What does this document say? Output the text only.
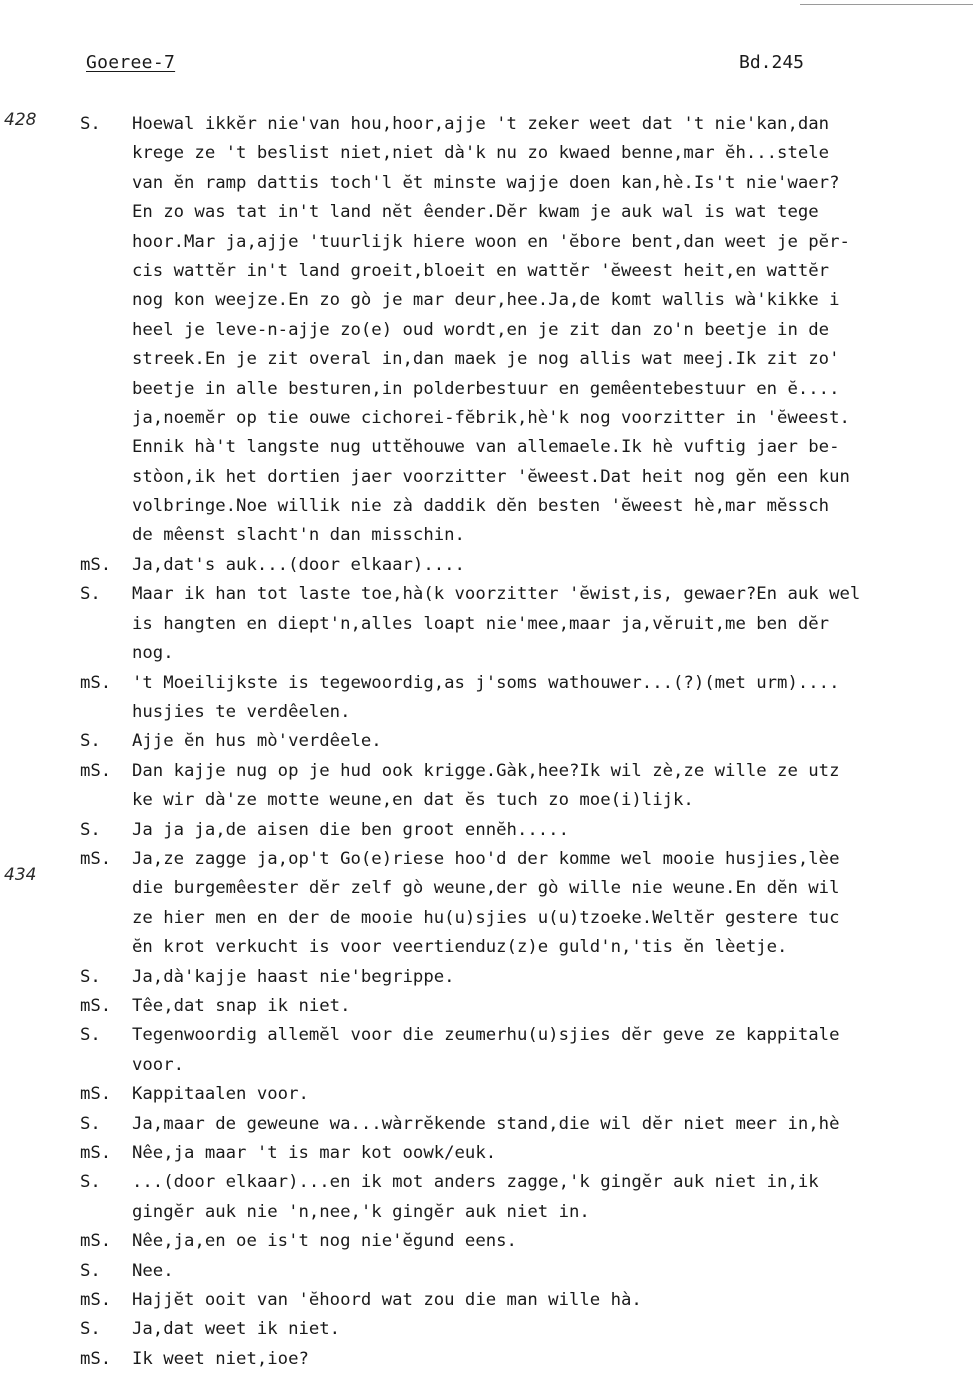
Goeree-7	Bd.245
428
434
S.	Hoewal ikkĕr nie'van hou,hoor,ajje 't zeker weet dat 't nie'kan,dan
krege ze 't beslist niet,niet dà'k nu zo kwaed benne,mar ĕh...stele
van ĕn ramp dattis toch'l ĕt minste wajje doen kan,hè.Is't nie'waer?
En zo was tat in't land nĕt êender.Dĕr kwam je auk wal is wat tege
hoor.Mar ja,ajje 'tuurlijk hiere woon en 'ĕbore bent,dan weet je pĕr-
cis wattĕr in't land groeit,bloeit en wattĕr 'ĕweest heit,en wattĕr
nog kon weejze.En zo gò je mar deur,hee.Ja,de komt wallis wà'kikke i
heel je leve-n-ajje zo(e) oud wordt,en je zit dan zo'n beetje in de
streek.En je zit overal in,dan maek je nog allis wat meej.Ik zit zo'
beetje in alle besturen,in polderbestuur en gemêentebestuur en ĕ....
ja,noemĕr op tie ouwe cichorei-fĕbrik,hè'k nog voorzitter in 'ĕweest.
Ennik hà't langste nug uttĕhouwe van allemaele.Ik hè vuftig jaer be-
stòon,ik het dortien jaer voorzitter 'ĕweest.Dat heit nog gĕn een kun
volbringe.Noe willik nie zà daddik dĕn besten 'ĕweest hè,mar mĕssch
de mêenst slacht'n dan misschin.
mS.	Ja,dat's auk...(door elkaar)....
S.	Maar ik han tot laste toe,hà(k voorzitter 'ĕwist,is, gewaer?En auk wel
is hangten en diept'n,alles loapt nie'mee,maar ja,vĕruit,me ben dĕr
nog.
mS.	't Moeilijkste is tegewoordig,as j'soms wathouwer...(?)(met urm)....
husjies te verdêelen.
S.	Ajje ĕn hus mò'verdêele.
mS.	Dan kajje nug op je hud ook krigge.Gàk,hee?Ik wil zè,ze wille ze utz
ke wir dà'ze motte weune,en dat ĕs tuch zo moe(i)lijk.
S.	Ja ja ja,de aisen die ben groot ennĕh.....
mS.	Ja,ze zagge ja,op't Go(e)riese hoo'd der komme wel mooie husjies,lèe
die burgemêester dĕr zelf gò weune,der gò wille nie weune.En dĕn wil
ze hier men en der de mooie hu(u)sjies u(u)tzoeke.Weltĕr gestere tuc
ĕn krot verkucht is voor veertienduz(z)e guld'n,'tis ĕn lèetje.
S.	Ja,dà'kajje haast nie'begrippe.
mS.	Têe,dat snap ik niet.
S.	Tegenwoordig allemĕl voor die zeumerhu(u)sjies dĕr geve ze kappitale
voor.
mS.	Kappitaalen voor.
S.	Ja,maar de geweune wa...wàrrĕkende stand,die wil dĕr niet meer in,hè
mS.	Nêe,ja maar 't is mar kot oowk/euk.
S.	...(door elkaar)...en ik mot anders zagge,'k gingĕr auk niet in,ik
gingĕr auk nie 'n,nee,'k gingĕr auk niet in.
mS.	Nêe,ja,en oe is't nog nie'ĕgund eens.
S.	Nee.
mS.	Hajjĕt ooit van 'ĕhoord wat zou die man wille hà.
S.	Ja,dat weet ik niet.
mS.	Ik weet niet,ioe?
